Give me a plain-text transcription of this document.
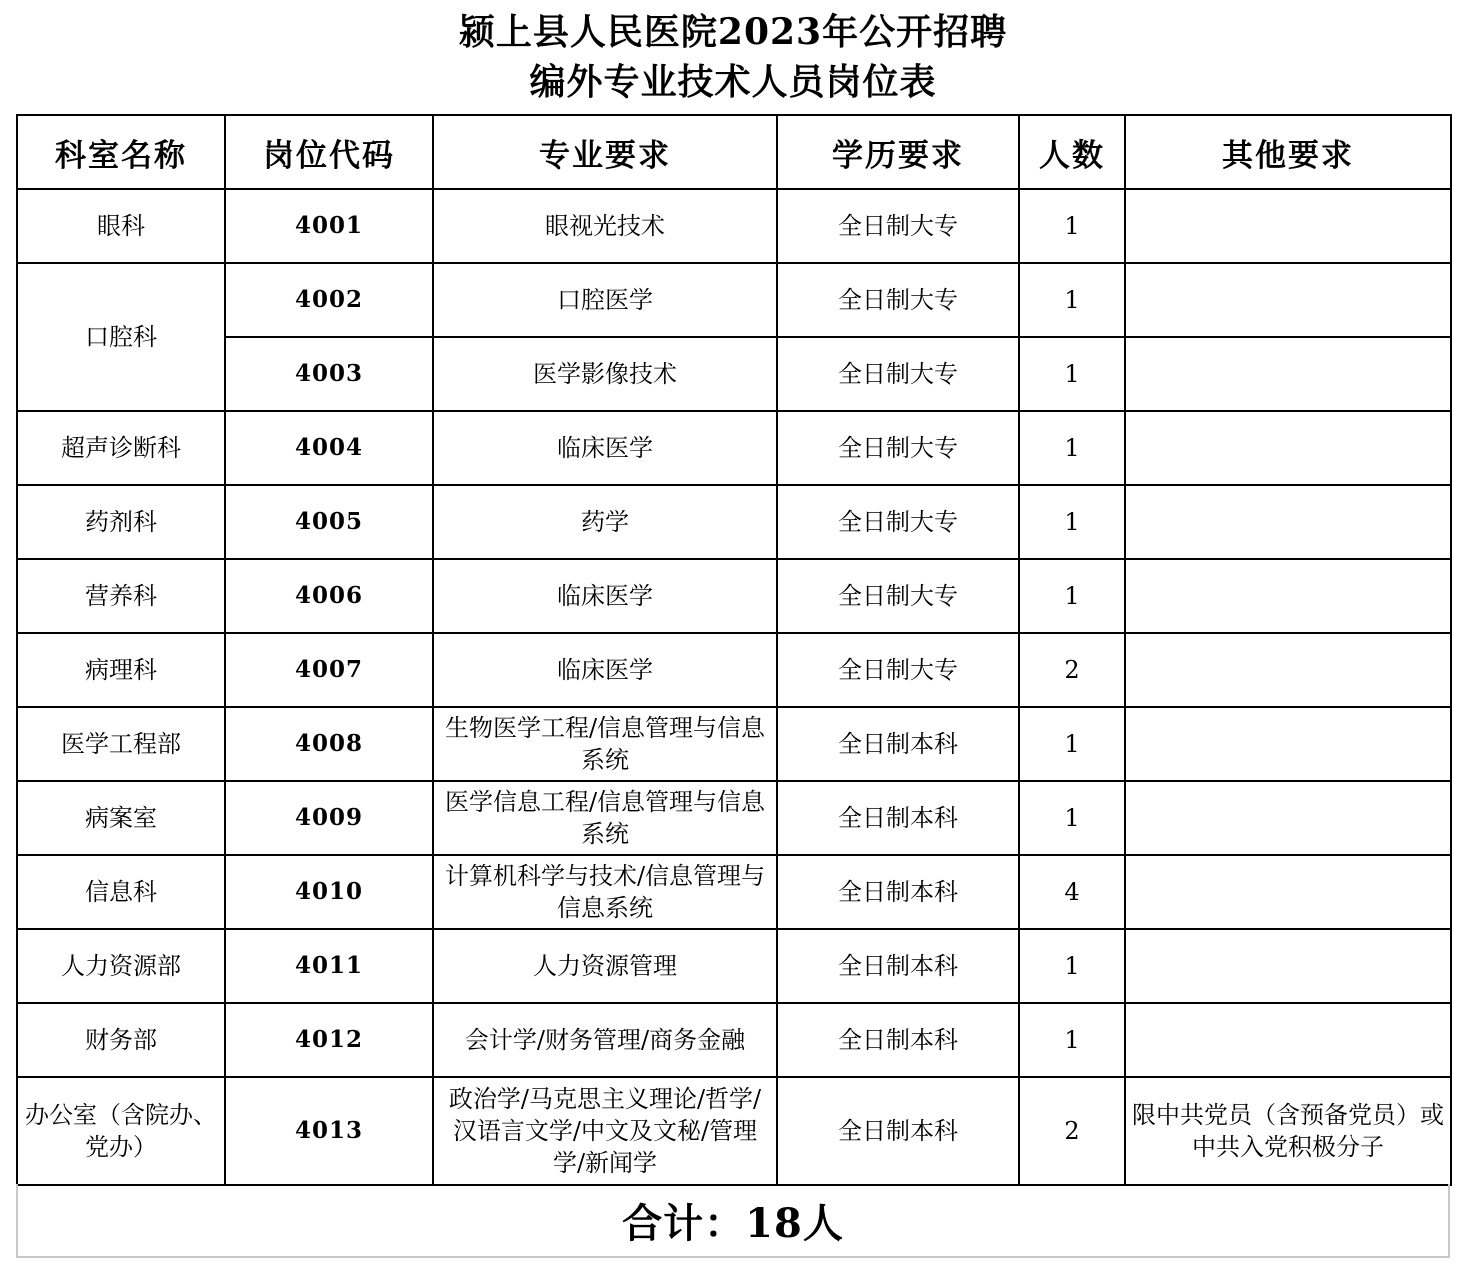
颍上县人民医院2023年公开招聘
编外专业技术人员岗位表
科室名称	岗位代码	专业要求	学历要求	人数	其他要求
眼科	4001	眼视光技术	全日制大专	1	
口腔科	4002	口腔医学	全日制大专	1	
	4003	医学影像技术	全日制大专	1	
超声诊断科	4004	临床医学	全日制大专	1	
药剂科	4005	药学	全日制大专	1	
营养科	4006	临床医学	全日制大专	1	
病理科	4007	临床医学	全日制大专	2	
医学工程部	4008	生物医学工程/信息管理与信息系统	全日制本科	1	
病案室	4009	医学信息工程/信息管理与信息系统	全日制本科	1	
信息科	4010	计算机科学与技术/信息管理与信息系统	全日制本科	4	
人力资源部	4011	人力资源管理	全日制本科	1	
财务部	4012	会计学/财务管理/商务金融	全日制本科	1	
办公室（含院办、党办）	4013	政治学/马克思主义理论/哲学/汉语言文学/中文及文秘/管理学/新闻学	全日制本科	2	限中共党员（含预备党员）或中共入党积极分子
合计：18人
